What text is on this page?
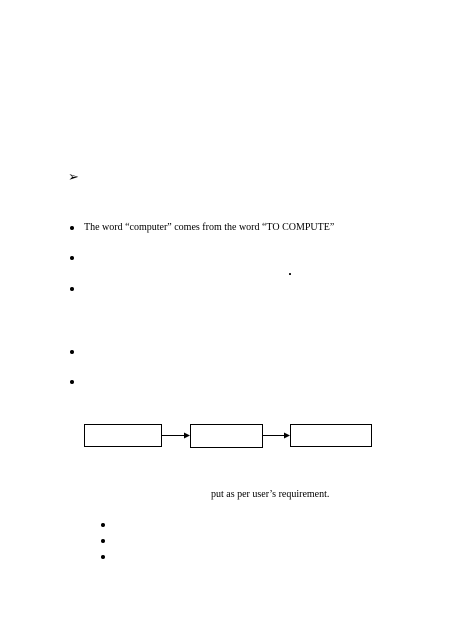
➢
The word “computer” comes from the word “TO COMPUTE”
put as per user’s requirement.
